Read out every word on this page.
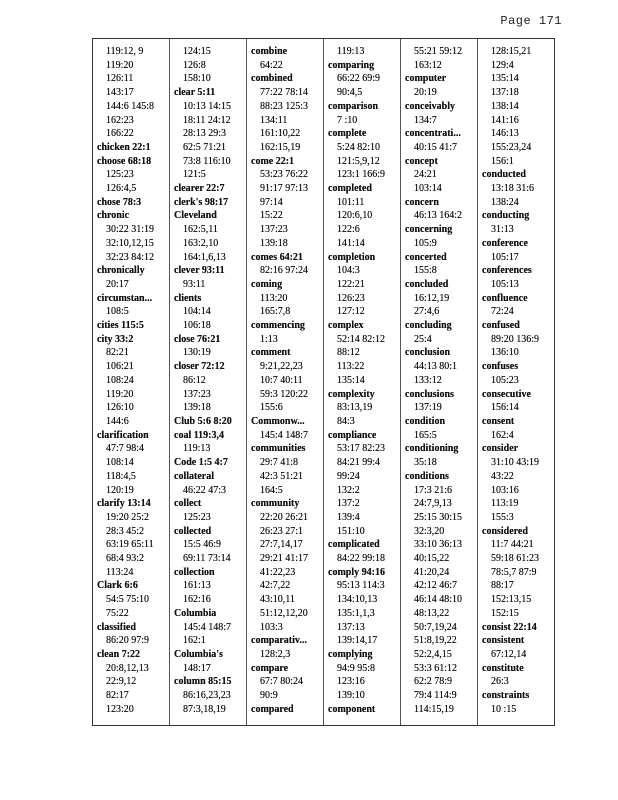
Page 171
119:12, 9
119:20
126:11
143:17
144:6 145:8
162:23
166:22
chicken 22:1
choose 68:18
125:23
126:4,5
chose 78:3
chronic
30:22 31:19
32:10,12,15
32:23 84:12
chronically
20:17
circumstan...
108:5
cities 115:5
city 33:2
82:21
106:21
108:24
119:20
126:10
144:6
clarification
47:7 98:4
108:14
118:4,5
120:19
clarify 13:14
19:20 25:2
28:3 45:2
63:19 65:11
68:4 93:2
113:24
Clark 6:6
54:5 75:10
75:22
classified
86:20 97:9
clean 7:22
20:8,12,13
22:9,12
82:17
123:20
124:15
126:8
158:10
clear 5:11
10:13 14:15
18:11 24:12
28:13 29:3
62:5 71:21
73:8 116:10
121:5
clearer 22:7
clerk's 98:17
Cleveland
162:5,11
163:2,10
164:1,6,13
clever 93:11
93:11
clients
104:14
106:18
close 76:21
130:19
closer 72:12
86:12
137:23
139:18
Club 5:6 8:20
coal 119:3,4
119:13
Code 1:5 4:7
collateral
46:22 47:3
collect
125:23
collected
15:5 46:9
69:11 73:14
collection
161:13
162:16
Columbia
145:4 148:7
162:1
Columbia's
148:17
column 85:15
86:16,23,23
87:3,18,19
combine
64:22
combined
77:22 78:14
88:23 125:3
134:11
161:10,22
162:15,19
come 22:1
53:23 76:22
91:17 97:13
97:14
15:22
137:23
139:18
comes 64:21
82:16 97:24
coming
113:20
165:7,8
commencing
1:13
comment
9:21,22,23
10:7 40:11
59:3 120:22
155:6
Commonw...
145:4 148:7
communities
29:7 41:8
42:3 51:21
164:5
community
22:20 26:21
26:23 27:1
27:7,14,17
29:21 41:17
41:22,23
42:7,22
43:10,11
51:12,12,20
103:3
comparativ...
128:2,3
compare
67:7 80:24
90:9
compared
119:13
comparing
66:22 69:9
90:4,5
comparison
7 :10
complete
5:24 82:10
121:5,9,12
123:1 166:9
completed
101:11
120:6,10
122:6
141:14
completion
104:3
122:21
126:23
127:12
complex
52:14 82:12
88:12
113:22
135:14
complexity
83:13,19
84:3
compliance
53:17 82:23
84:21 99:4
99:24
132:2
137:2
139:4
151:10
complicated
84:22 99:18
comply 94:16
95:13 114:3
134:10,13
135:1,1,3
137:13
139:14,17
complying
94:9 95:8
123:16
139:10
component
55:21 59:12
163:12
computer
20:19
conceivably
134:7
concentrati...
40:15 41:7
concept
24:21
103:14
concern
46:13 164:2
concerning
105:9
concerted
155:8
concluded
16:12,19
27:4,6
concluding
25:4
conclusion
44:13 80:1
133:12
conclusions
137:19
condition
165:5
conditioning
35:18
conditions
17:3 21:6
24:7,9,13
25:15 30:15
32:3,20
33:10 36:13
40:15,22
41:20,24
42:12 46:7
46:14 48:10
48:13,22
50:7,19,24
51:8,19,22
52:2,4,15
53:3 61:12
62:2 78:9
79:4 114:9
114:15,19
128:15,21
129:4
135:14
137:18
138:14
141:16
146:13
155:23,24
156:1
conducted
13:18 31:6
138:24
conducting
31:13
conference
105:17
conferences
105:13
confluence
72:24
confused
89:20 136:9
136:10
confuses
105:23
consecutive
156:14
consent
162:4
consider
31:10 43:19
43:22
103:16
113:19
155:3
considered
11:7 44:21
59:18 61:23
78:5,7 87:9
88:17
152:13,15
152:15
consist 22:14
consistent
67:12,14
constitute
26:3
constraints
10 :15
